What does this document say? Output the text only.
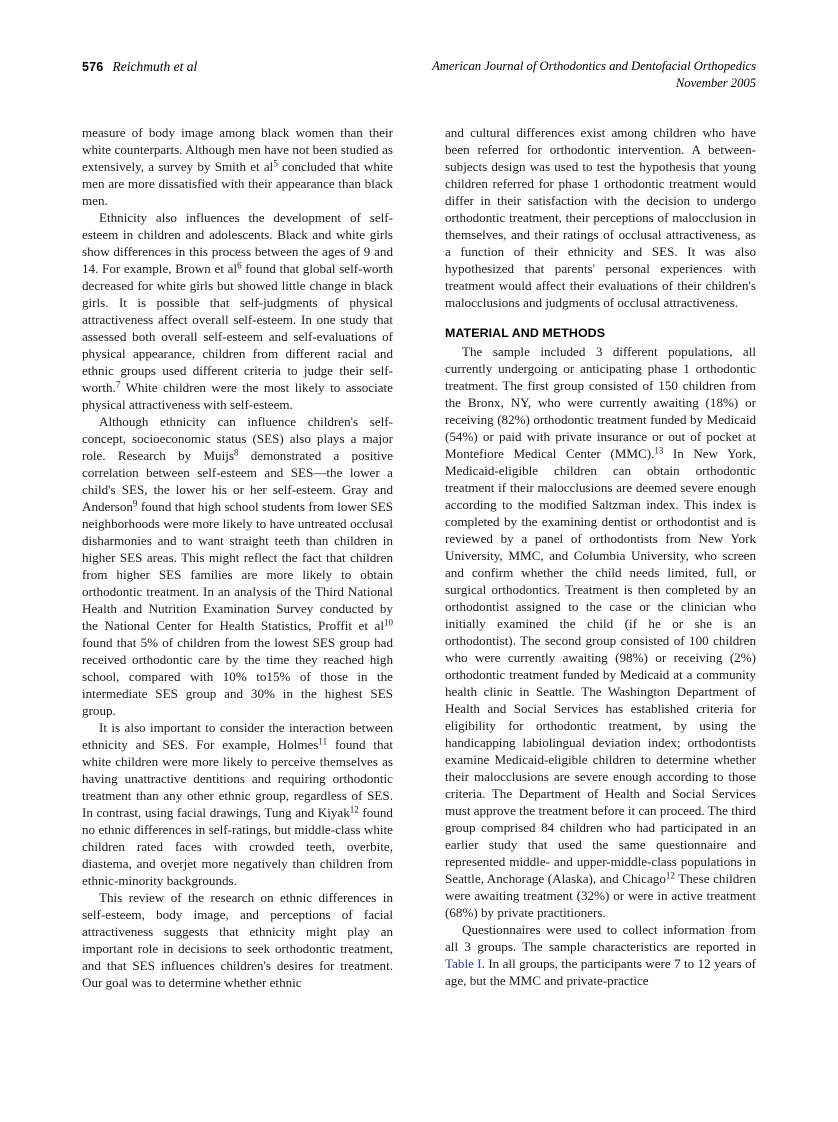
576 Reichmuth et al	American Journal of Orthodontics and Dentofacial Orthopedics
November 2005

measure of body image among black women than their white counterparts. Although men have not been studied as extensively, a survey by Smith et $al^5$ concluded that white men are more dissatisfied with their appearance than black men.

Ethnicity also influences the development of self-esteem in children and adolescents. Black and white girls show differences in this process between the ages of 9 and 14. For example, Brown et $al^6$ found that global self-worth decreased for white girls but showed little change in black girls. It is possible that self-judgments of physical attractiveness affect overall self-esteem. In one study that assessed both overall self-esteem and self-evaluations of physical appearance, children from different racial and ethnic groups used different criteria to judge their self-worth.$^7$ White children were the most likely to associate physical attractiveness with self-esteem.

Although ethnicity can influence children's self-concept, socioeconomic status (SES) also plays a major role. Research by Muijs$^8$ demonstrated a positive correlation between self-esteem and SES—the lower a child's SES, the lower his or her self-esteem. Gray and Anderson$^9$ found that high school students from lower SES neighborhoods were more likely to have untreated occlusal disharmonies and to want straight teeth than children in higher SES areas. This might reflect the fact that children from higher SES families are more likely to obtain orthodontic treatment. In an analysis of the Third National Health and Nutrition Examination Survey conducted by the National Center for Health Statistics, Proffit et $al^{10}$ found that 5% of children from the lowest SES group had received orthodontic care by the time they reached high school, compared with 10% to15% of those in the intermediate SES group and 30% in the highest SES group.

It is also important to consider the interaction between ethnicity and SES. For example, Holmes$^{11}$ found that white children were more likely to perceive themselves as having unattractive dentitions and requiring orthodontic treatment than any other ethnic group, regardless of SES. In contrast, using facial drawings, Tung and Kiyak$^{12}$ found no ethnic differences in self-ratings, but middle-class white children rated faces with crowded teeth, overbite, diastema, and overjet more negatively than children from ethnic-minority backgrounds.

This review of the research on ethnic differences in self-esteem, body image, and perceptions of facial attractiveness suggests that ethnicity might play an important role in decisions to seek orthodontic treatment, and that SES influences children's desires for treatment. Our goal was to determine whether ethnic

and cultural differences exist among children who have been referred for orthodontic intervention. A between-subjects design was used to test the hypothesis that young children referred for phase 1 orthodontic treatment would differ in their satisfaction with the decision to undergo orthodontic treatment, their perceptions of malocclusion in themselves, and their ratings of occlusal attractiveness, as a function of their ethnicity and SES. It was also hypothesized that parents' personal experiences with treatment would affect their evaluations of their children's malocclusions and judgments of occlusal attractiveness.

MATERIAL AND METHODS

The sample included 3 different populations, all currently undergoing or anticipating phase 1 orthodontic treatment. The first group consisted of 150 children from the Bronx, NY, who were currently awaiting (18%) or receiving (82%) orthodontic treatment funded by Medicaid (54%) or paid with private insurance or out of pocket at Montefiore Medical Center (MMC).$^{13}$ In New York, Medicaid-eligible children can obtain orthodontic treatment if their malocclusions are deemed severe enough according to the modified Saltzman index. This index is completed by the examining dentist or orthodontist and is reviewed by a panel of orthodontists from New York University, MMC, and Columbia University, who screen and confirm whether the child needs limited, full, or surgical orthodontics. Treatment is then completed by an orthodontist assigned to the case or the clinician who initially examined the child (if he or she is an orthodontist). The second group consisted of 100 children who were currently awaiting (98%) or receiving (2%) orthodontic treatment funded by Medicaid at a community health clinic in Seattle. The Washington Department of Health and Social Services has established criteria for eligibility for orthodontic treatment, by using the handicapping labiolingual deviation index; orthodontists examine Medicaid-eligible children to determine whether their malocclusions are severe enough according to those criteria. The Department of Health and Social Services must approve the treatment before it can proceed. The third group comprised 84 children who had participated in an earlier study that used the same questionnaire and represented middle- and upper-middle-class populations in Seattle, Anchorage (Alaska), and Chicago$^{12}$ These children were awaiting treatment (32%) or were in active treatment (68%) by private practitioners.

Questionnaires were used to collect information from all 3 groups. The sample characteristics are reported in Table I. In all groups, the participants were 7 to 12 years of age, but the MMC and private-practice
